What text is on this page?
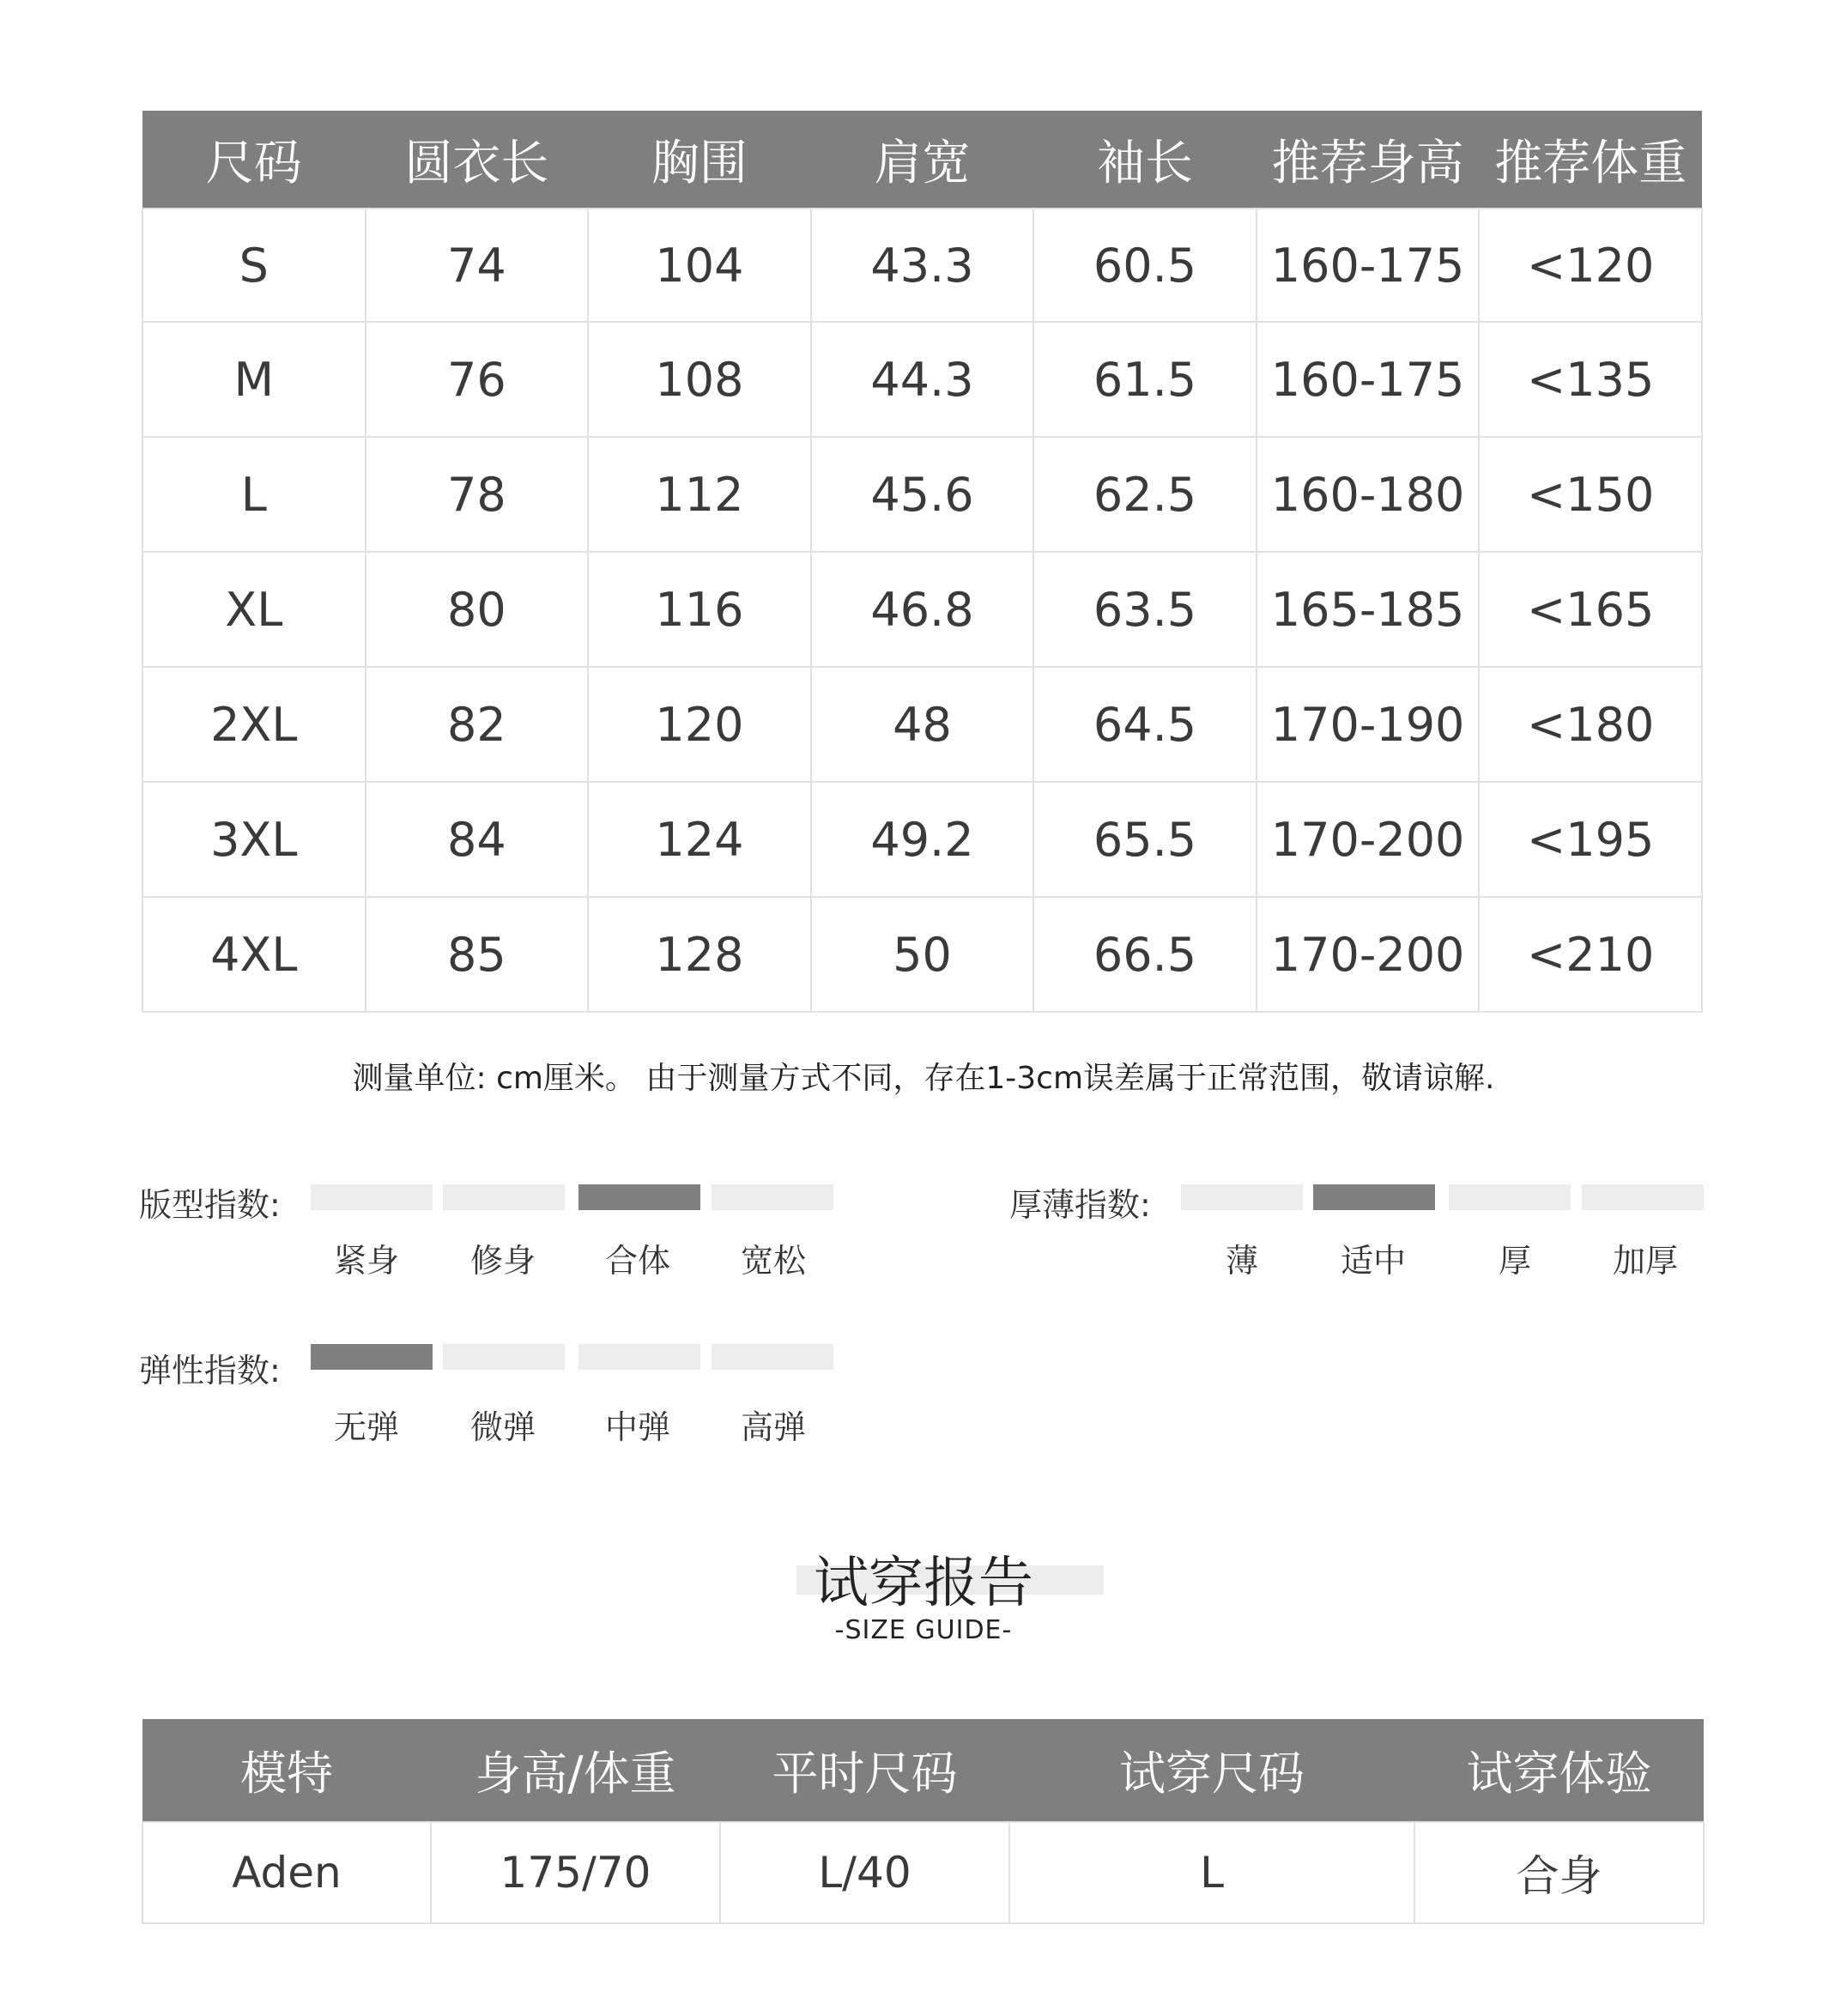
尺码	圆衣长	胸围	肩宽	袖长	推荐身高	推荐体重
S	74	104	43.3	60.5	160-175	<120
M	76	108	44.3	61.5	160-175	<135
L	78	112	45.6	62.5	160-180	<150
XL	80	116	46.8	63.5	165-185	<165
2XL	82	120	48	64.5	170-190	<180
3XL	84	124	49.2	65.5	170-200	<195
4XL	85	128	50	66.5	170-200	<210
测量单位: cm厘米。 由于测量方式不同，存在1-3cm误差属于正常范围，敬请谅解.
版型指数:
紧身	修身	合体	宽松
厚薄指数:
薄	适中	厚	加厚
弹性指数:
无弹	微弹	中弹	高弹
试穿报告
-SIZE GUIDE-
模特	身高/体重	平时尺码	试穿尺码	试穿体验
Aden	175/70	L/40	L	合身
